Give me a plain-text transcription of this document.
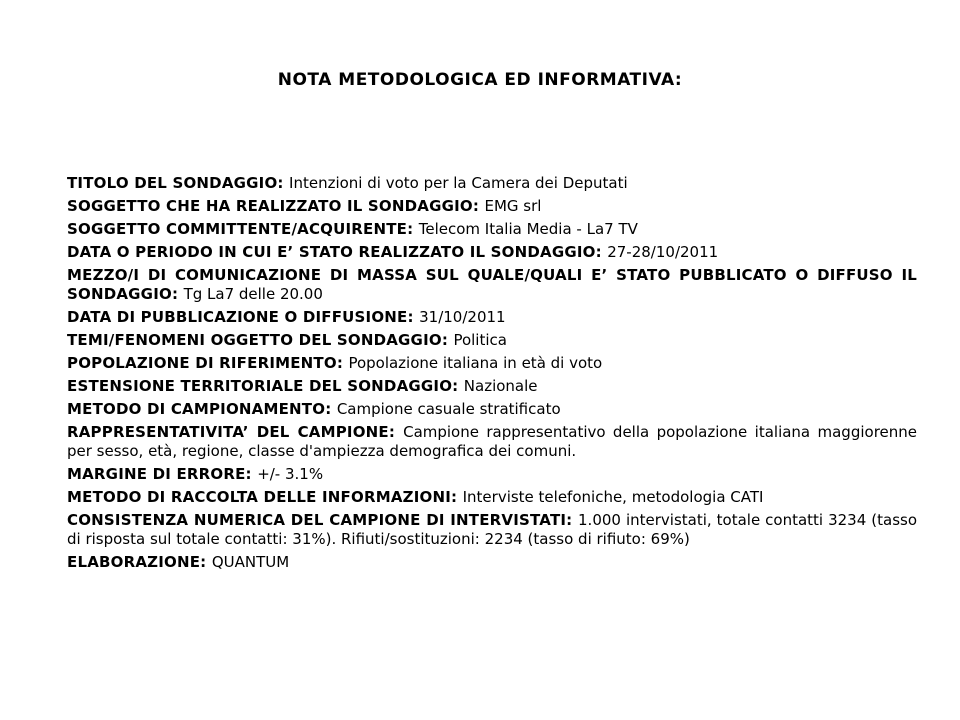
NOTA METODOLOGICA ED INFORMATIVA:
TITOLO DEL SONDAGGIO: Intenzioni di voto per la Camera dei Deputati
SOGGETTO CHE HA REALIZZATO IL SONDAGGIO: EMG srl
SOGGETTO COMMITTENTE/ACQUIRENTE: Telecom Italia Media - La7 TV
DATA O PERIODO IN CUI E’ STATO REALIZZATO IL SONDAGGIO: 27-28/10/2011
MEZZO/I DI COMUNICAZIONE DI MASSA SUL QUALE/QUALI E’ STATO PUBBLICATO O DIFFUSO IL SONDAGGIO: Tg La7 delle 20.00
DATA DI PUBBLICAZIONE O DIFFUSIONE: 31/10/2011
TEMI/FENOMENI OGGETTO DEL SONDAGGIO: Politica
POPOLAZIONE DI RIFERIMENTO: Popolazione italiana in età di voto
ESTENSIONE TERRITORIALE DEL SONDAGGIO: Nazionale
METODO DI CAMPIONAMENTO: Campione casuale stratificato
RAPPRESENTATIVITA’ DEL CAMPIONE: Campione rappresentativo della popolazione italiana maggiorenne per sesso, età, regione, classe d'ampiezza demografica dei comuni.
MARGINE DI ERRORE: +/- 3.1%
METODO DI RACCOLTA DELLE INFORMAZIONI: Interviste telefoniche, metodologia CATI
CONSISTENZA NUMERICA DEL CAMPIONE DI INTERVISTATI: 1.000 intervistati, totale contatti 3234 (tasso di risposta sul totale contatti: 31%). Rifiuti/sostituzioni: 2234 (tasso di rifiuto: 69%)
ELABORAZIONE: QUANTUM
